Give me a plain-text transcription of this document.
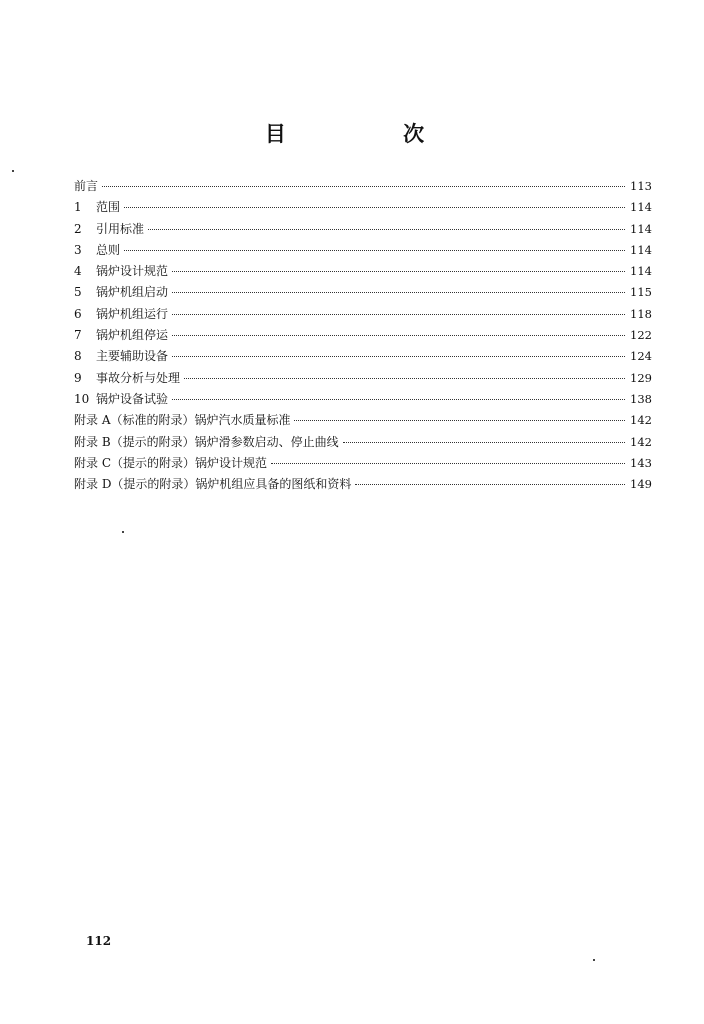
目 次
前言	113
1	范围	114
2	引用标准	114
3	总则	114
4	锅炉设计规范	114
5	锅炉机组启动	115
6	锅炉机组运行	118
7	锅炉机组停运	122
8	主要辅助设备	124
9	事故分析与处理	129
10 锅炉设备试验	138
附录 A（标准的附录）锅炉汽水质量标准	142
附录 B（提示的附录）锅炉滑参数启动、停止曲线	142
附录 C（提示的附录）锅炉设计规范	143
附录 D（提示的附录）锅炉机组应具备的图纸和资料	149
112
